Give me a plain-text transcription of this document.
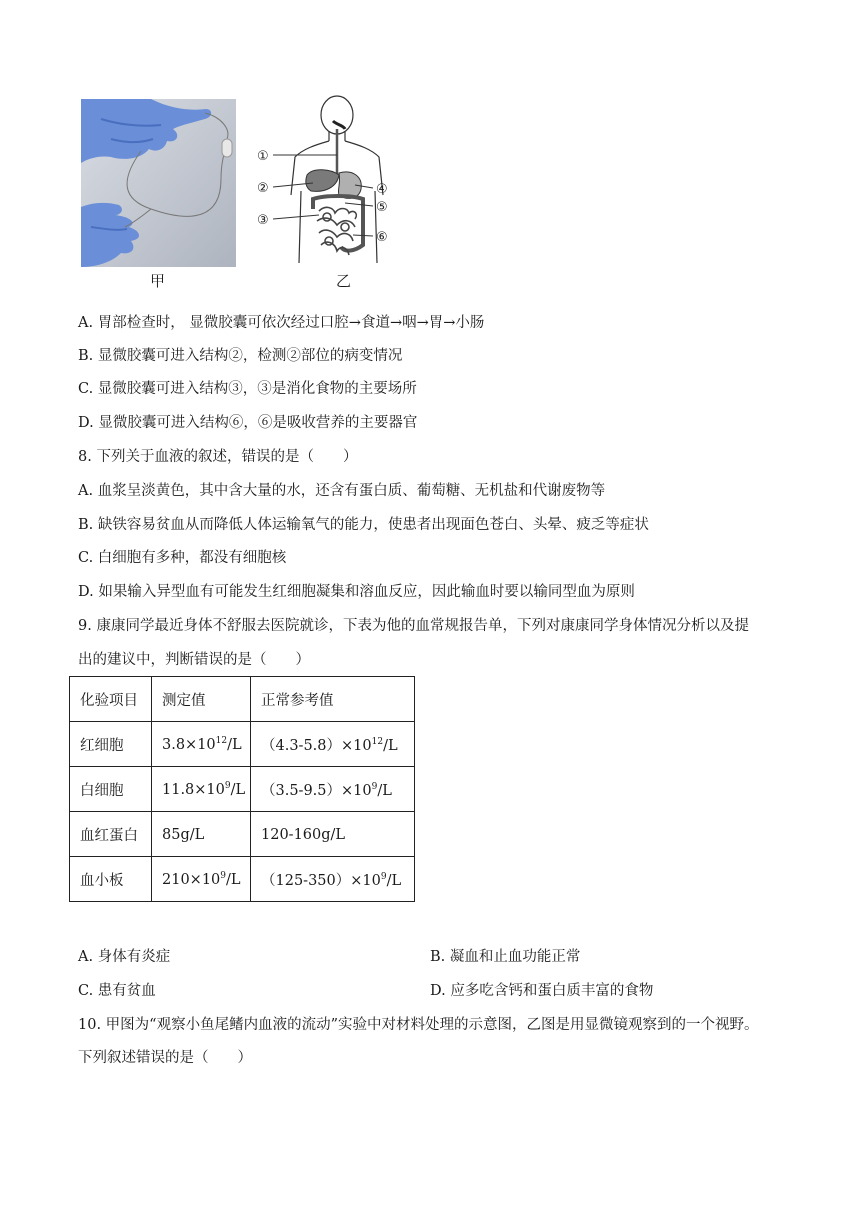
甲
①
②
③
④
⑤
⑥
乙
A. 胃部检查时， 显微胶囊可依次经过口腔→食道→咽→胃→小肠
B. 显微胶囊可进入结构②，检测②部位的病变情况
C. 显微胶囊可进入结构③，③是消化食物的主要场所
D. 显微胶囊可进入结构⑥，⑥是吸收营养的主要器官
8. 下列关于血液的叙述，错误的是（　　）
A. 血浆呈淡黄色，其中含大量的水，还含有蛋白质、葡萄糖、无机盐和代谢废物等
B. 缺铁容易贫血从而降低人体运输氧气的能力，使患者出现面色苍白、头晕、疲乏等症状
C. 白细胞有多种，都没有细胞核
D. 如果输入异型血有可能发生红细胞凝集和溶血反应，因此输血时要以输同型血为原则
9. 康康同学最近身体不舒服去医院就诊，下表为他的血常规报告单，下列对康康同学身体情况分析以及提
出的建议中，判断错误的是（　　）
化验项目	测定值	正常参考值
红细胞	$3.8\times 10^{12}/L$	$(4.3-5.8)\times 10^{12}/L$
白细胞	$11.8\times 10^9/L$	$(3.5-9.5)\times 10^9/L$
血红蛋白	85g/L	120-160g/L
血小板	$210\times 10^9/L$	$(125-350)\times 10^9/L$
A. 身体有炎症	B. 凝血和止血功能正常
C. 患有贫血	D. 应多吃含钙和蛋白质丰富的食物
10. 甲图为“观察小鱼尾鳍内血液的流动”实验中对材料处理的示意图，乙图是用显微镜观察到的一个视野。
下列叙述错误的是（　　）
